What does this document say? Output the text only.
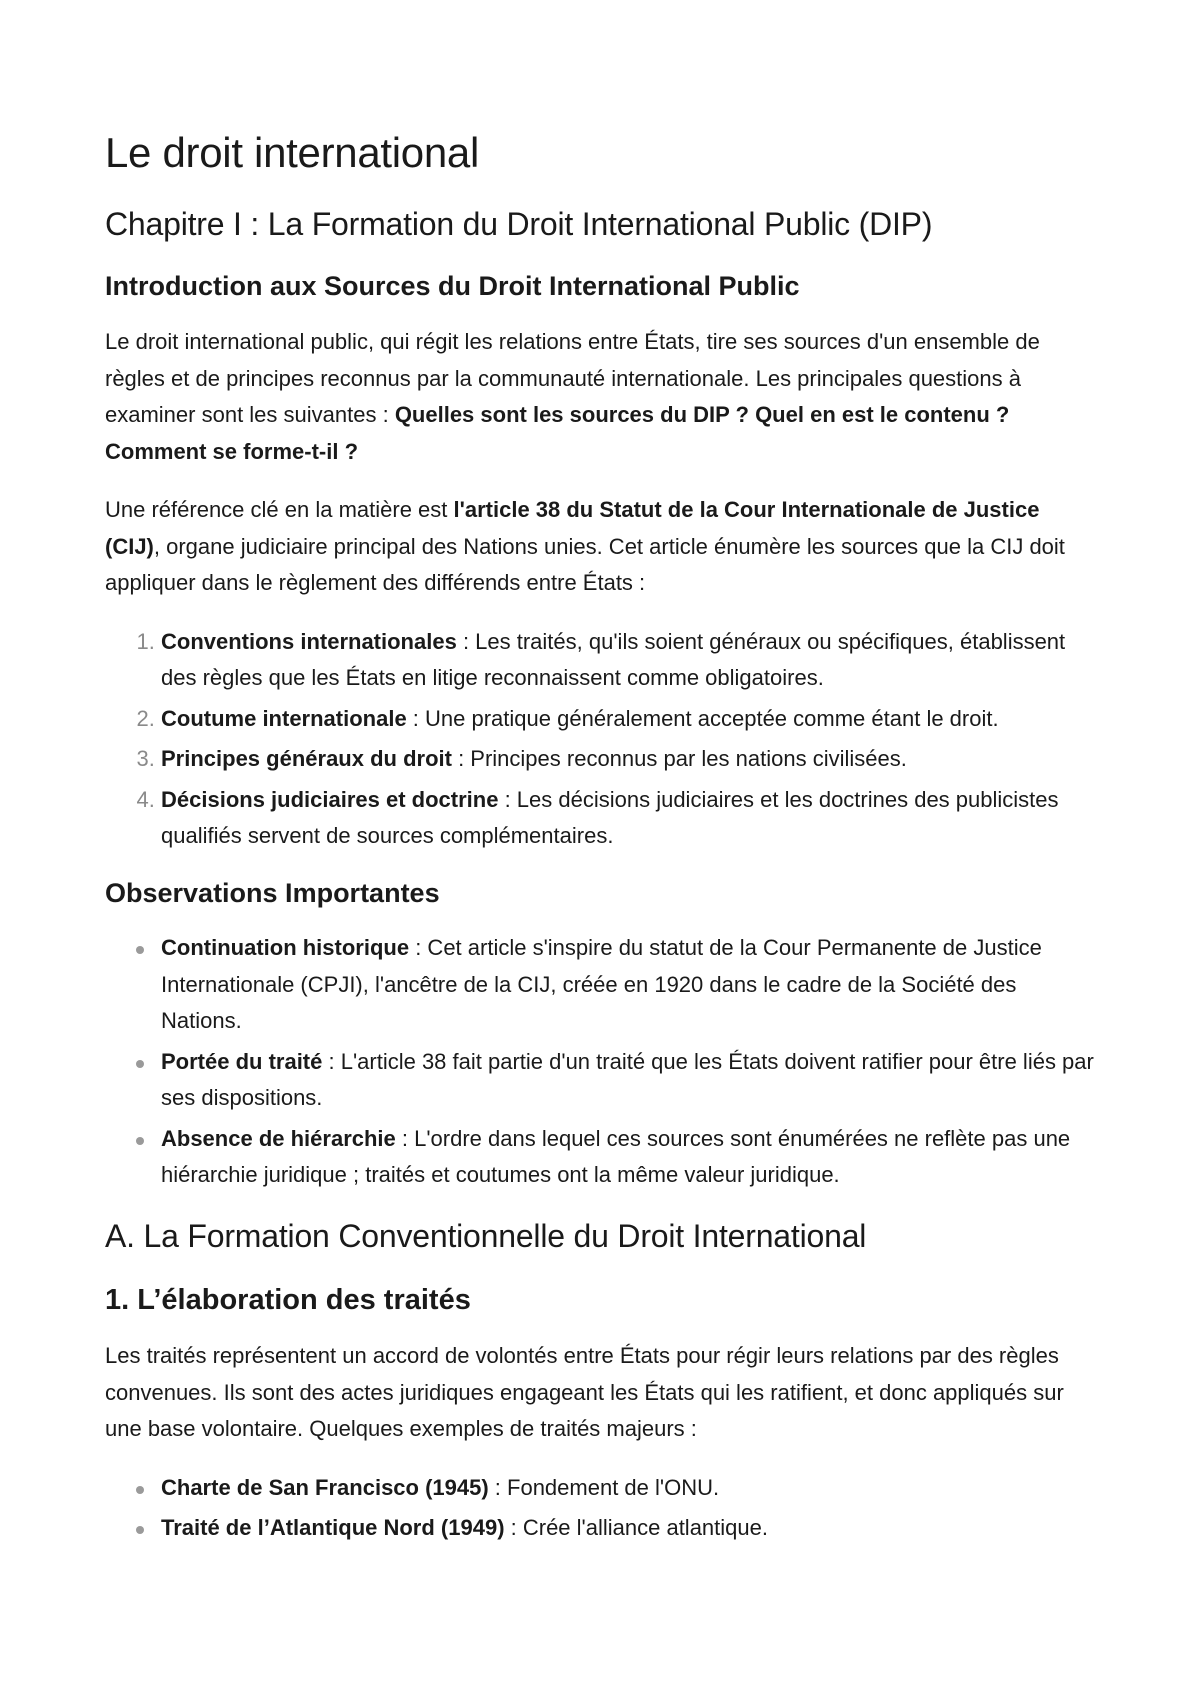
Le droit international
Chapitre I : La Formation du Droit International Public (DIP)
Introduction aux Sources du Droit International Public

Le droit international public, qui régit les relations entre États, tire ses sources d'un ensemble de règles et de principes reconnus par la communauté internationale. Les principales questions à examiner sont les suivantes : Quelles sont les sources du DIP ? Quel en est le contenu ? Comment se forme-t-il ?

Une référence clé en la matière est l'article 38 du Statut de la Cour Internationale de Justice (CIJ), organe judiciaire principal des Nations unies. Cet article énumère les sources que la CIJ doit appliquer dans le règlement des différends entre États :

1. Conventions internationales : Les traités, qu'ils soient généraux ou spécifiques, établissent des règles que les États en litige reconnaissent comme obligatoires.
2. Coutume internationale : Une pratique généralement acceptée comme étant le droit.
3. Principes généraux du droit : Principes reconnus par les nations civilisées.
4. Décisions judiciaires et doctrine : Les décisions judiciaires et les doctrines des publicistes qualifiés servent de sources complémentaires.
Observations Importantes
Continuation historique : Cet article s'inspire du statut de la Cour Permanente de Justice Internationale (CPJI), l'ancêtre de la CIJ, créée en 1920 dans le cadre de la Société des Nations.
Portée du traité : L'article 38 fait partie d'un traité que les États doivent ratifier pour être liés par ses dispositions.
Absence de hiérarchie : L'ordre dans lequel ces sources sont énumérées ne reflète pas une hiérarchie juridique ; traités et coutumes ont la même valeur juridique.
A. La Formation Conventionnelle du Droit International
1. L’élaboration des traités

Les traités représentent un accord de volontés entre États pour régir leurs relations par des règles convenues. Ils sont des actes juridiques engageant les États qui les ratifient, et donc appliqués sur une base volontaire. Quelques exemples de traités majeurs :

Charte de San Francisco (1945) : Fondement de l'ONU.
Traité de l’Atlantique Nord (1949) : Crée l'alliance atlantique.
